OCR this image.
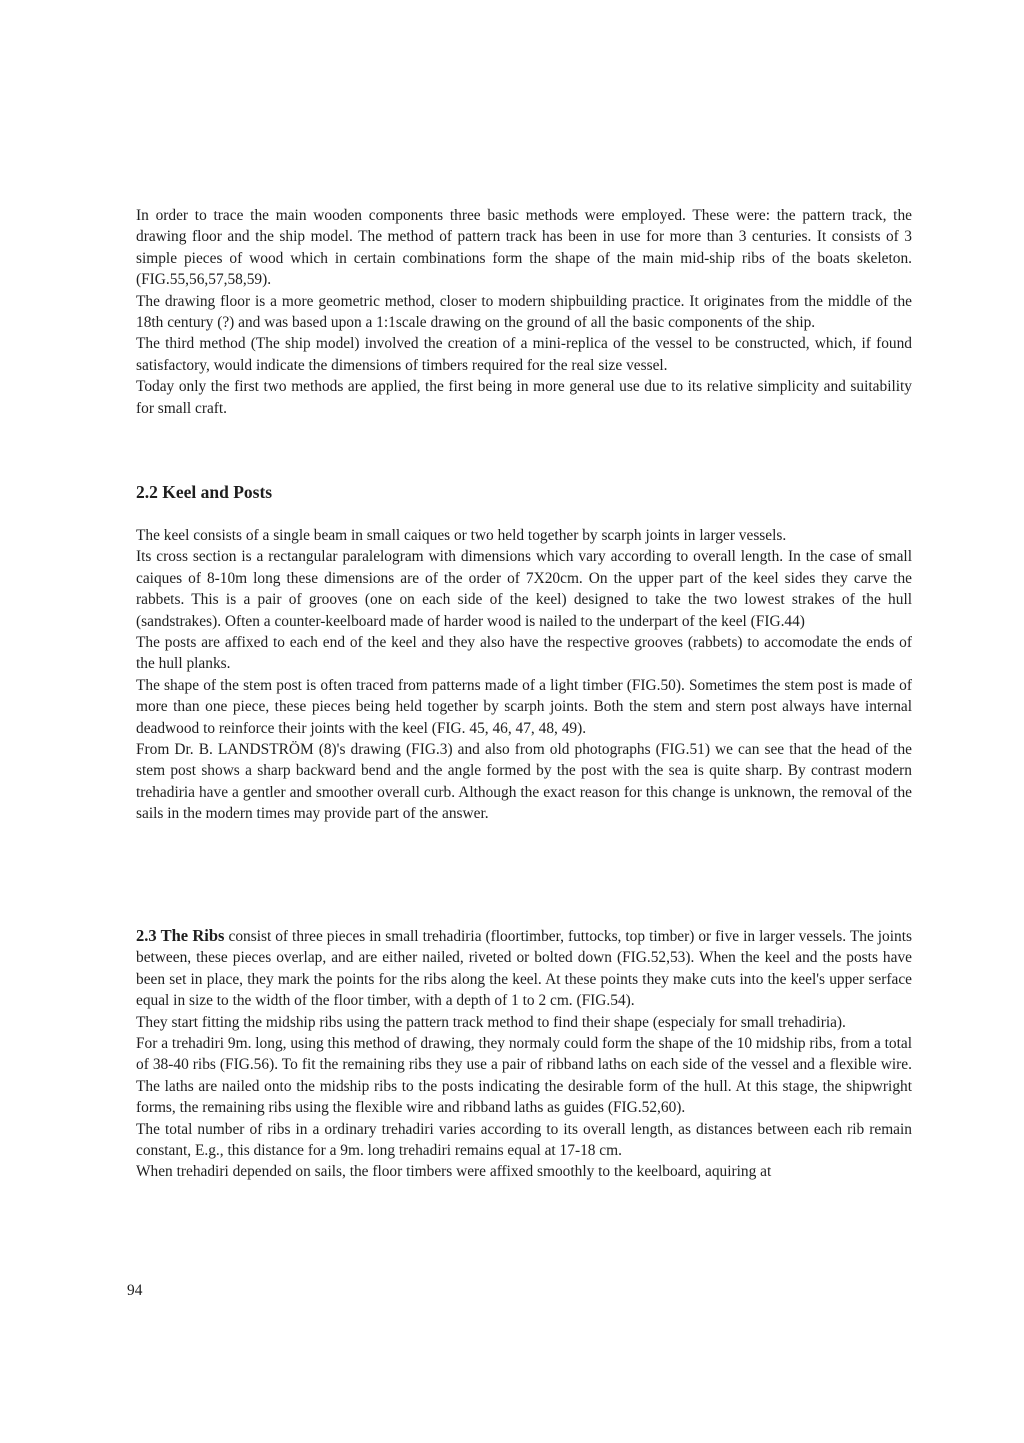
In order to trace the main wooden components three basic methods were employed. These were: the pattern track, the drawing floor and the ship model. The method of pattern track has been in use for more than 3 centuries. It consists of 3 simple pieces of wood which in certain combinations form the shape of the main mid-ship ribs of the boats skeleton. (FIG.55,56,57,58,59).

The drawing floor is a more geometric method, closer to modern shipbuilding practice. It originates from the middle of the 18th century (?) and was based upon a 1:1scale drawing on the ground of all the basic components of the ship.

The third method (The ship model) involved the creation of a mini-replica of the vessel to be constructed, which, if found satisfactory, would indicate the dimensions of timbers required for the real size vessel.

Today only the first two methods are applied, the first being in more general use due to its relative simplicity and suitability for small craft.

2.2 Keel and Posts

The keel consists of a single beam in small caiques or two held together by scarph joints in larger vessels.

Its cross section is a rectangular paralelogram with dimensions which vary according to overall length. In the case of small caiques of 8-10m long these dimensions are of the order of 7X20cm. On the upper part of the keel sides they carve the rabbets. This is a pair of grooves (one on each side of the keel) designed to take the two lowest strakes of the hull (sandstrakes). Often a counter-keelboard made of harder wood is nailed to the underpart of the keel (FIG.44)

The posts are affixed to each end of the keel and they also have the respective grooves (rabbets) to accomodate the ends of the hull planks.

The shape of the stem post is often traced from patterns made of a light timber (FIG.50). Sometimes the stem post is made of more than one piece, these pieces being held together by scarph joints. Both the stem and stern post always have internal deadwood to reinforce their joints with the keel (FIG. 45, 46, 47, 48, 49).

From Dr. B. LANDSTRÖM (8)'s drawing (FIG.3) and also from old photographs (FIG.51) we can see that the head of the stem post shows a sharp backward bend and the angle formed by the post with the sea is quite sharp. By contrast modern trehadiria have a gentler and smoother overall curb. Although the exact reason for this change is unknown, the removal of the sails in the modern times may provide part of the answer.

2.3 The Ribs consist of three pieces in small trehadiria (floortimber, futtocks, top timber) or five in larger vessels. The joints between, these pieces overlap, and are either nailed, riveted or bolted down (FIG.52,53). When the keel and the posts have been set in place, they mark the points for the ribs along the keel. At these points they make cuts into the keel's upper serface equal in size to the width of the floor timber, with a depth of 1 to 2 cm. (FIG.54).

They start fitting the midship ribs using the pattern track method to find their shape (especialy for small trehadiria).

For a trehadiri 9m. long, using this method of drawing, they normaly could form the shape of the 10 midship ribs, from a total of 38-40 ribs (FIG.56). To fit the remaining ribs they use a pair of ribband laths on each side of the vessel and a flexible wire. The laths are nailed onto the midship ribs to the posts indicating the desirable form of the hull. At this stage, the shipwright forms, the remaining ribs using the flexible wire and ribband laths as guides (FIG.52,60).

The total number of ribs in a ordinary trehadiri varies according to its overall length, as distances between each rib remain constant, E.g., this distance for a 9m. long trehadiri remains equal at 17-18 cm.

When trehadiri depended on sails, the floor timbers were affixed smoothly to the keelboard, aquiring at

94
